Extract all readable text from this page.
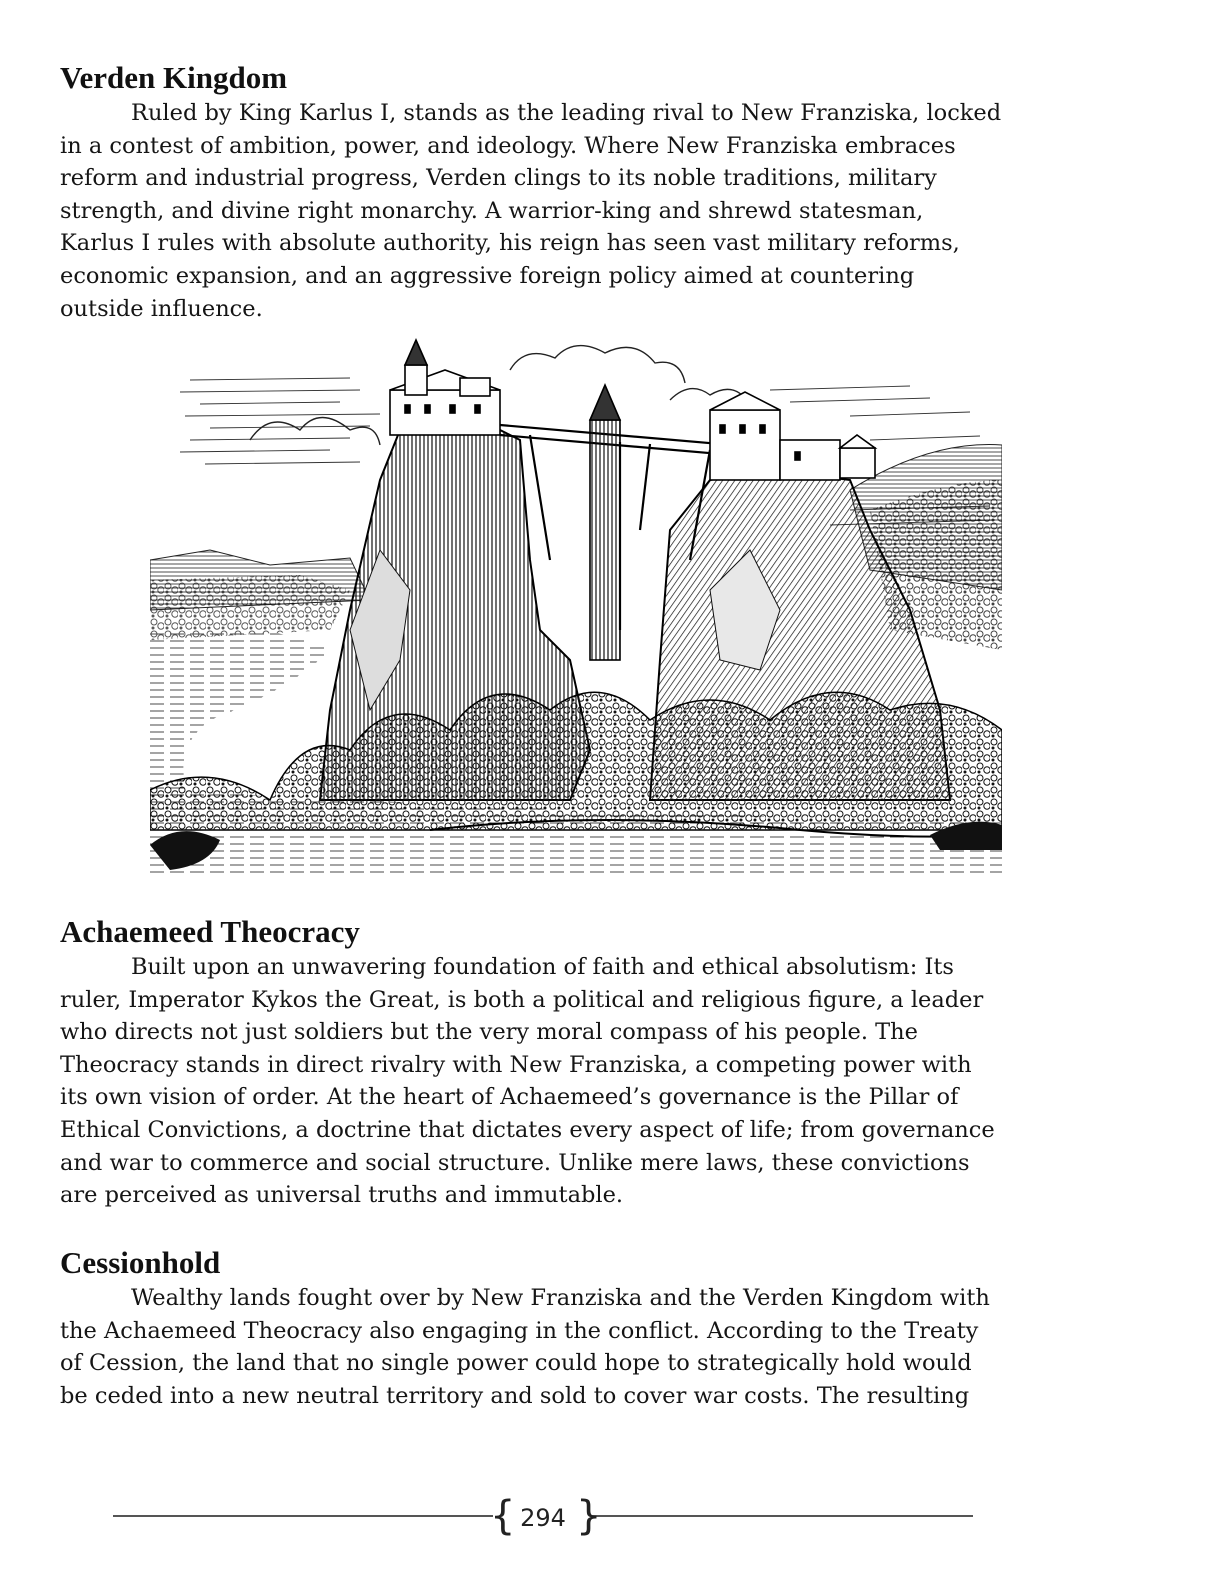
Verden Kingdom
Ruled by King Karlus I, stands as the leading rival to New Franziska, locked
in a contest of ambition, power, and ideology. Where New Franziska embraces
reform and industrial progress, Verden clings to its noble traditions, military
strength, and divine right monarchy. A warrior-king and shrewd statesman,
Karlus I rules with absolute authority, his reign has seen vast military reforms,
economic expansion, and an aggressive foreign policy aimed at countering
outside influence.
Achaemeed Theocracy
Built upon an unwavering foundation of faith and ethical absolutism: Its
ruler, Imperator Kykos the Great, is both a political and religious figure, a leader
who directs not just soldiers but the very moral compass of his people. The
Theocracy stands in direct rivalry with New Franziska, a competing power with
its own vision of order. At the heart of Achaemeed’s governance is the Pillar of
Ethical Convictions, a doctrine that dictates every aspect of life; from governance
and war to commerce and social structure. Unlike mere laws, these convictions
are perceived as universal truths and immutable.
Cessionhold
Wealthy lands fought over by New Franziska and the Verden Kingdom with
the Achaemeed Theocracy also engaging in the conflict. According to the Treaty
of Cession, the land that no single power could hope to strategically hold would
be ceded into a new neutral territory and sold to cover war costs. The resulting
{ }
294
